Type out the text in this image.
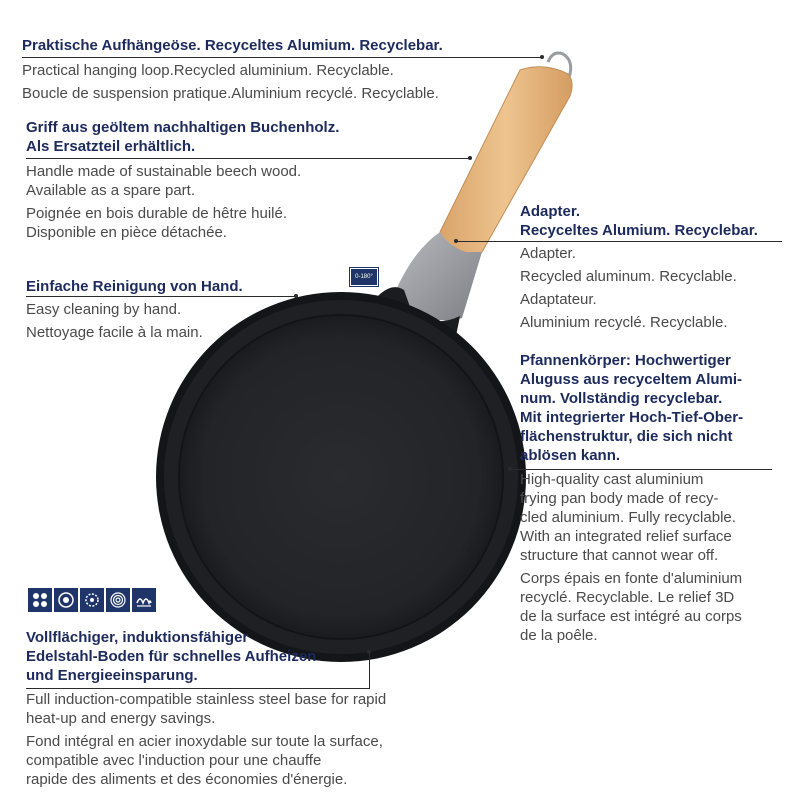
0-180°

Praktische Aufhängeöse. Recyceltes Alumium. Recyclebar.

Practical hanging loop.Recycled aluminium. Recyclable.

Boucle de suspension pratique.Aluminium recyclé. Recyclable.

Griff aus geöltem nachhaltigen Buchenholz.

Als Ersatzteil erhältlich.

Handle made of sustainable beech wood.

Available as a spare part.

Poignée en bois durable de hêtre huilé.

Disponible en pièce détachée.

Einfache Reinigung von Hand.

Easy cleaning by hand.

Nettoyage facile à la main.

Adapter.

Recyceltes Alumium. Recyclebar.

Adapter.

Recycled aluminum. Recyclable.

Adaptateur.

Aluminium recyclé. Recyclable.

Pfannenkörper: Hochwertiger

Aluguss aus recyceltem Alumi-

num. Vollständig recyclebar.

Mit integrierter Hoch-Tief-Ober-

flächenstruktur, die sich nicht

ablösen kann.

High-quality cast aluminium

frying pan body made of recy-

cled aluminium. Fully recyclable.

With an integrated relief surface

structure that cannot wear off.

Corps épais en fonte d'aluminium

recyclé. Recyclable. Le relief 3D

de la surface est intégré au corps

de la poêle.

Vollflächiger, induktionsfähiger

Edelstahl-Boden für schnelles Aufheizen

und Energieeinsparung.

Full induction-compatible stainless steel base for rapid

heat-up and energy savings.

Fond intégral en acier inoxydable sur toute la surface,

compatible avec l'induction pour une chauffe

rapide des aliments et des économies d'énergie.
